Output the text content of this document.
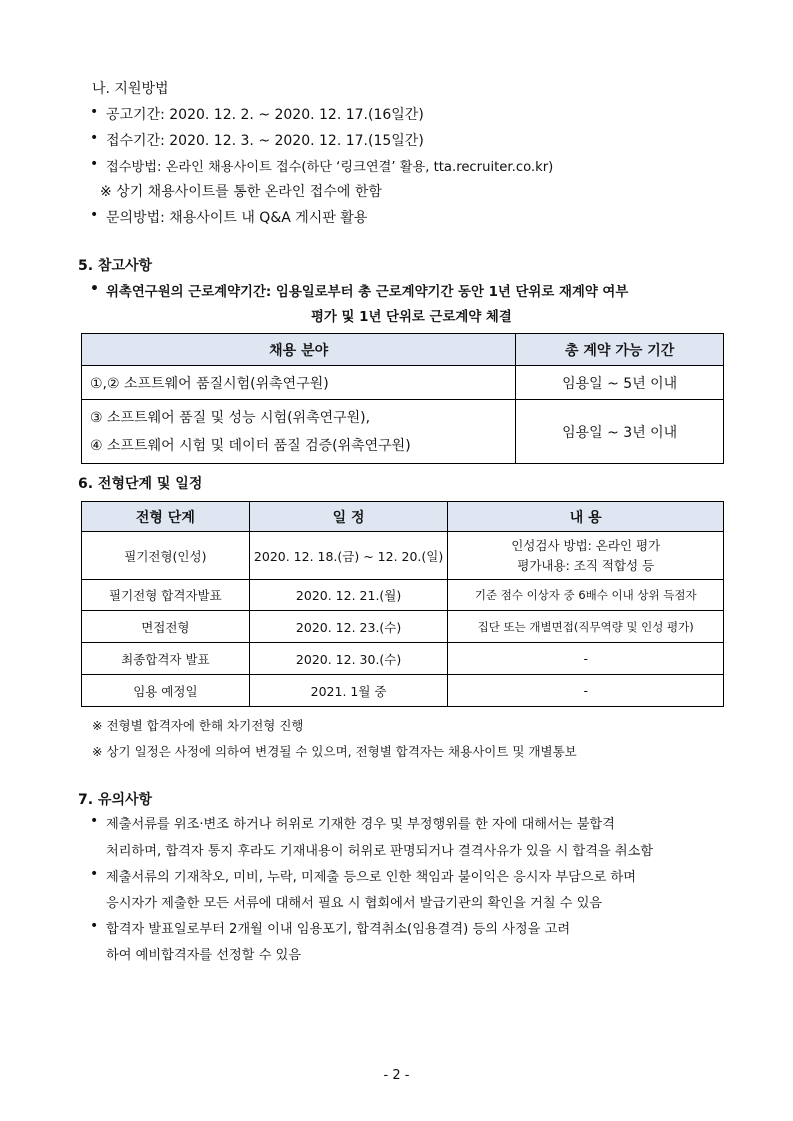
나. 지원방법
• 공고기간: 2020. 12. 2. ~ 2020. 12. 17.(16일간)
• 접수기간: 2020. 12. 3. ~ 2020. 12. 17.(15일간)
• 접수방법: 온라인 채용사이트 접수(하단 ‘링크연결’ 활용, tta.recruiter.co.kr)
※ 상기 채용사이트를 통한 온라인 접수에 한함
• 문의방법: 채용사이트 내 Q&A 게시판 활용
5. 참고사항
• 위촉연구원의 근로계약기간: 임용일로부터 총 근로계약기간 동안 1년 단위로 재계약 여부
평가 및 1년 단위로 근로계약 체결
채용 분야	총 계약 가능 기간
①,② 소프트웨어 품질시험(위촉연구원)	임용일 ~ 5년 이내

③ 소프트웨어 품질 및 성능 시험(위촉연구원),
④ 소프트웨어 시험 및 데이터 품질 검증(위촉연구원)	임용일 ~ 3년 이내
6. 전형단계 및 일정
전형 단계	일 정	내 용
필기전형(인성)	2020. 12. 18.(금) ~ 12. 20.(일)	인성검사 방법: 온라인 평가
평가내용: 조직 적합성 등

필기전형 합격자발표	2020. 12. 21.(월)	기준 점수 이상자 중 6배수 이내 상위 득점자
면접전형	2020. 12. 23.(수)	집단 또는 개별면접(직무역량 및 인성 평가)
최종합격자 발표	2020. 12. 30.(수)	-
임용 예정일	2021. 1월 중	-
※ 전형별 합격자에 한해 차기전형 진행
※ 상기 일정은 사정에 의하여 변경될 수 있으며, 전형별 합격자는 채용사이트 및 개별통보
7. 유의사항
• 제출서류를 위조·변조 하거나 허위로 기재한 경우 및 부정행위를 한 자에 대해서는 불합격
처리하며, 합격자 통지 후라도 기재내용이 허위로 판명되거나 결격사유가 있을 시 합격을 취소함
• 제출서류의 기재착오, 미비, 누락, 미제출 등으로 인한 책임과 불이익은 응시자 부담으로 하며
응시자가 제출한 모든 서류에 대해서 필요 시 협회에서 발급기관의 확인을 거칠 수 있음
• 합격자 발표일로부터 2개월 이내 임용포기, 합격취소(임용결격) 등의 사정을 고려
하여 예비합격자를 선정할 수 있음
- 2 -
